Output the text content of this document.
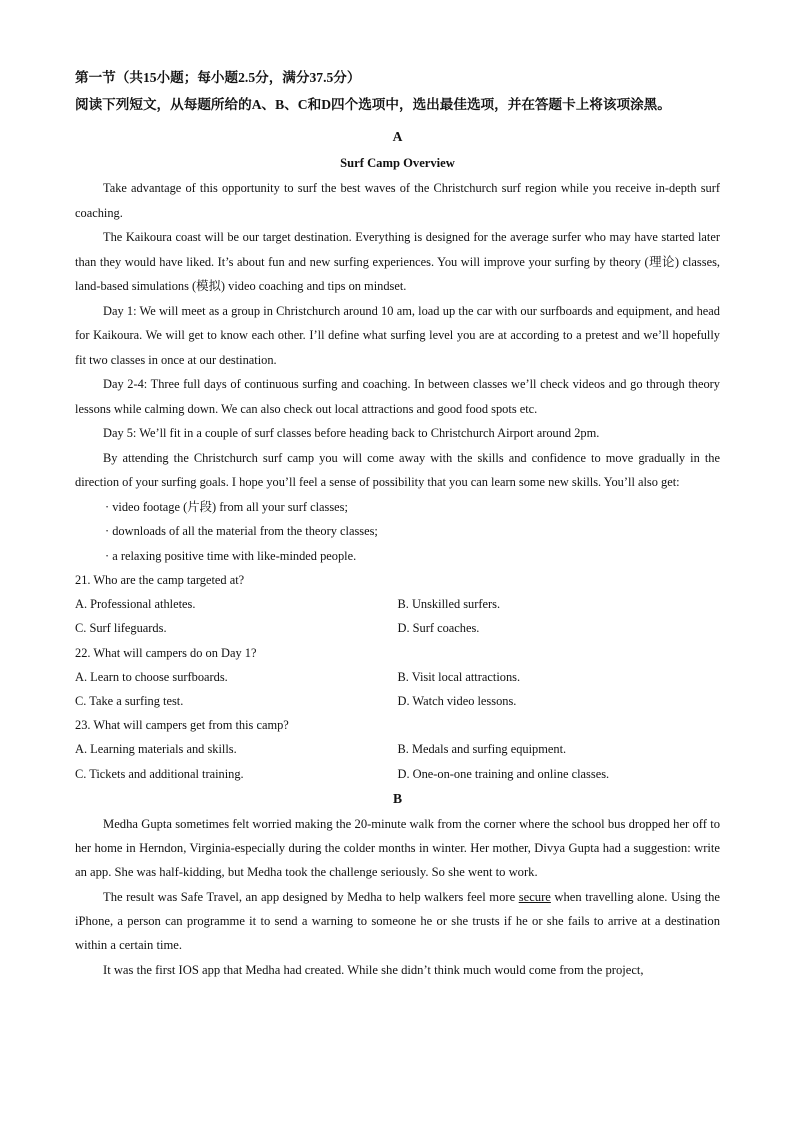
第一节（共15小题；每小题2.5分，满分37.5分）
阅读下列短文，从每题所给的A、B、C和D四个选项中，选出最佳选项，并在答题卡上将该项涂黑。
A
Surf Camp Overview

Take advantage of this opportunity to surf the best waves of the Christchurch surf region while you receive in-depth surf coaching.

The Kaikoura coast will be our target destination. Everything is designed for the average surfer who may have started later than they would have liked. It’s about fun and new surfing experiences. You will improve your surfing by theory (理论) classes, land-based simulations (模拟) video coaching and tips on mindset.

Day 1: We will meet as a group in Christchurch around 10 am, load up the car with our surfboards and equipment, and head for Kaikoura. We will get to know each other. I’ll define what surfing level you are at according to a pretest and we’ll hopefully fit two classes in once at our destination.

Day 2-4: Three full days of continuous surfing and coaching. In between classes we’ll check videos and go through theory lessons while calming down. We can also check out local attractions and good food spots etc.

Day 5: We’ll fit in a couple of surf classes before heading back to Christchurch Airport around 2pm.

By attending the Christchurch surf camp you will come away with the skills and confidence to move gradually in the direction of your surfing goals. I hope you’ll feel a sense of possibility that you can learn some new skills. You’ll also get:

· video footage (片段) from all your surf classes;
· downloads of all the material from the theory classes;
· a relaxing positive time with like-minded people.
21. Who are the camp targeted at?
A. Professional athletes.	B. Unskilled surfers.
C. Surf lifeguards.	D. Surf coaches.
22. What will campers do on Day 1?
A. Learn to choose surfboards.	B. Visit local attractions.
C. Take a surfing test.	D. Watch video lessons.
23. What will campers get from this camp?
A. Learning materials and skills.	B. Medals and surfing equipment.
C. Tickets and additional training.	D. One-on-one training and online classes.
B

Medha Gupta sometimes felt worried making the 20-minute walk from the corner where the school bus dropped her off to her home in Herndon, Virginia-especially during the colder months in winter. Her mother, Divya Gupta had a suggestion: write an app. She was half-kidding, but Medha took the challenge seriously. So she went to work.

The result was Safe Travel, an app designed by Medha to help walkers feel more secure when travelling alone. Using the iPhone, a person can programme it to send a warning to someone he or she trusts if he or she fails to arrive at a destination within a certain time.

It was the first IOS app that Medha had created. While she didn’t think much would come from the project,
